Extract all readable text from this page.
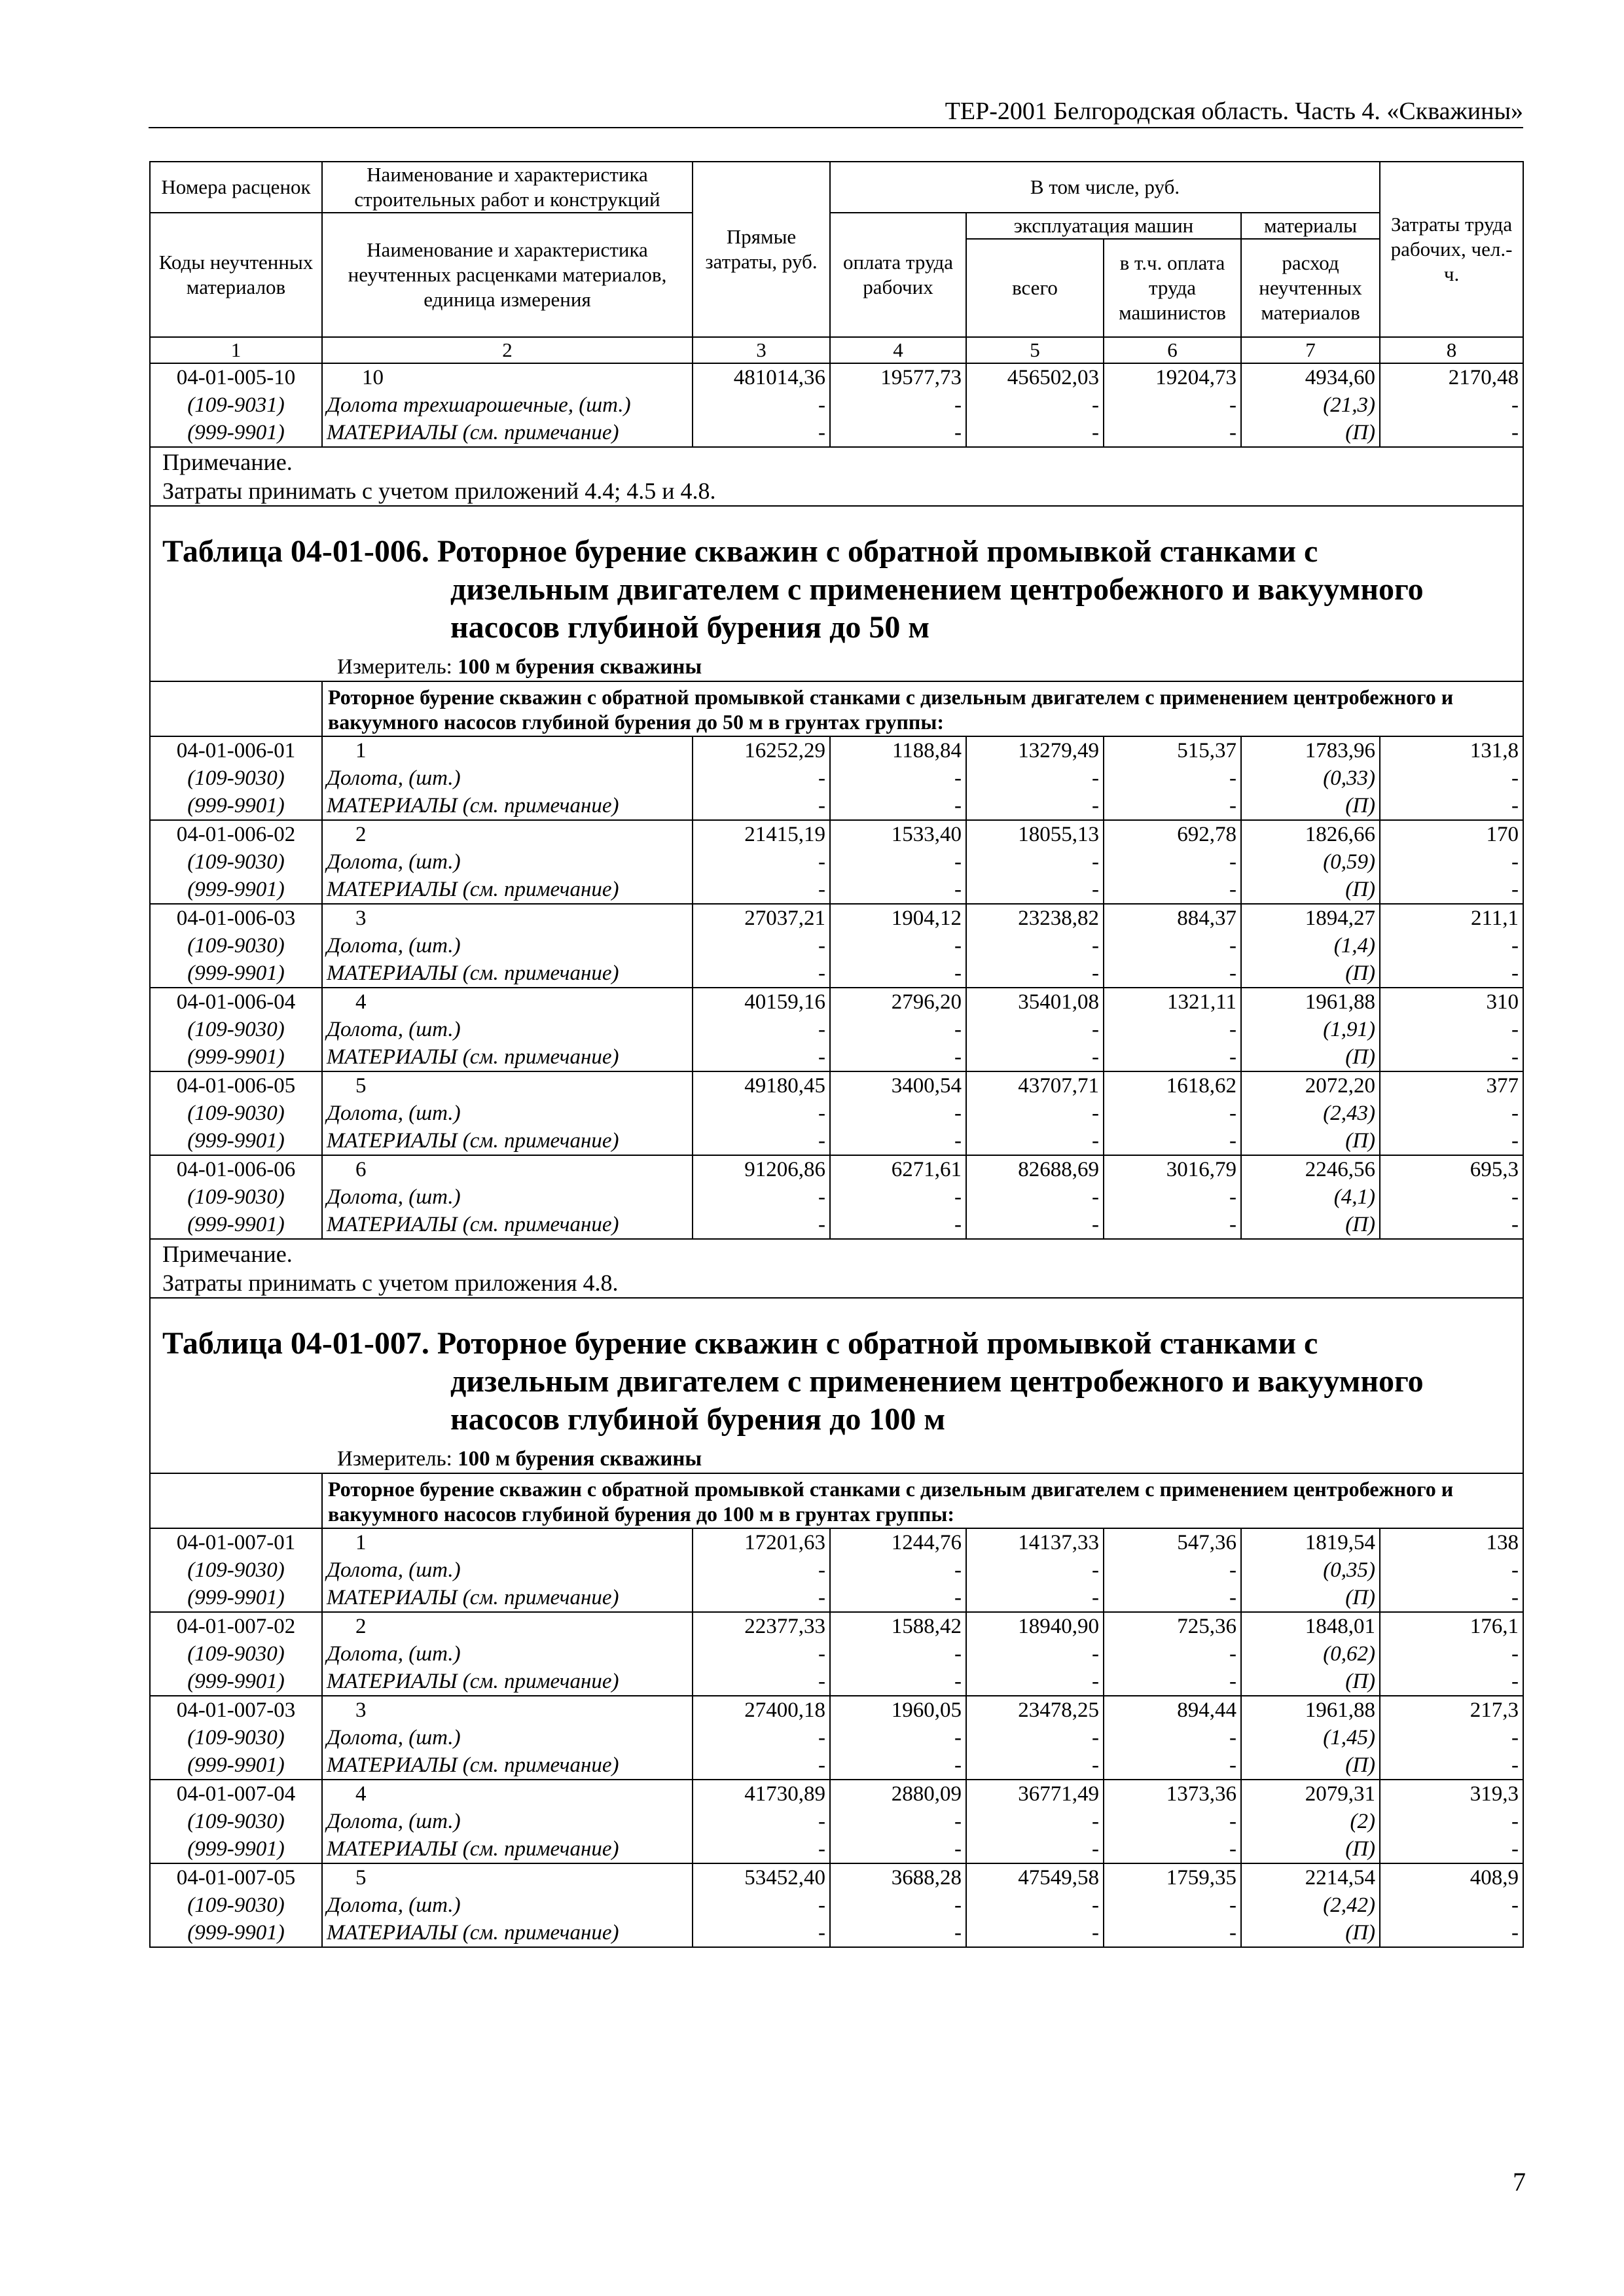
ТЕР-2001 Белгородская область. Часть 4. «Скважины»
Номера расценок	Наименование и характеристика строительных работ и конструкций	Прямые затраты, руб.	В том числе, руб.				Затраты труда рабочих, чел.-ч.
Коды неучтенных материалов	Наименование и характеристика неучтенных расценками материалов, единица измерения		оплата труда рабочих	эксплуатация машин		материалы	
				всего	в т.ч. оплата труда машинистов	расход неучтенных материалов	
1	2	3	4	5	6	7	8
04-01-005-10	10	481014,36	19577,73	456502,03	19204,73	4934,60	2170,48
(109-9031)	Долота трехшарошечные, (шт.)	-	-	-	-	(21,3)	-
(999-9901)	МАТЕРИАЛЫ (см. примечание)	-	-	-	-	(П)	-

Примечание.
Затраты принимать с учетом приложений 4.4; 4.5 и 4.8.							

Таблица 04-01-006. Роторное бурение скважин с обратной промывкой станками с
дизельным двигателем с применением центробежного и вакуумного
насосов глубиной бурения до 50 м							

Измеритель: 100 м бурения скважины							
	Роторное бурение скважин с обратной промывкой станками с дизельным двигателем с применением центробежного и вакуумного насосов глубиной бурения до 50 м в грунтах группы:						
04-01-006-01	1	16252,29	1188,84	13279,49	515,37	1783,96	131,8
(109-9030)	Долота, (шт.)	-	-	-	-	(0,33)	-
(999-9901)	МАТЕРИАЛЫ (см. примечание)	-	-	-	-	(П)	-
04-01-006-02	2	21415,19	1533,40	18055,13	692,78	1826,66	170
(109-9030)	Долота, (шт.)	-	-	-	-	(0,59)	-
(999-9901)	МАТЕРИАЛЫ (см. примечание)	-	-	-	-	(П)	-
04-01-006-03	3	27037,21	1904,12	23238,82	884,37	1894,27	211,1
(109-9030)	Долота, (шт.)	-	-	-	-	(1,4)	-
(999-9901)	МАТЕРИАЛЫ (см. примечание)	-	-	-	-	(П)	-
04-01-006-04	4	40159,16	2796,20	35401,08	1321,11	1961,88	310
(109-9030)	Долота, (шт.)	-	-	-	-	(1,91)	-
(999-9901)	МАТЕРИАЛЫ (см. примечание)	-	-	-	-	(П)	-
04-01-006-05	5	49180,45	3400,54	43707,71	1618,62	2072,20	377
(109-9030)	Долота, (шт.)	-	-	-	-	(2,43)	-
(999-9901)	МАТЕРИАЛЫ (см. примечание)	-	-	-	-	(П)	-
04-01-006-06	6	91206,86	6271,61	82688,69	3016,79	2246,56	695,3
(109-9030)	Долота, (шт.)	-	-	-	-	(4,1)	-
(999-9901)	МАТЕРИАЛЫ (см. примечание)	-	-	-	-	(П)	-

Примечание.
Затраты принимать с учетом приложения 4.8.							

Таблица 04-01-007. Роторное бурение скважин с обратной промывкой станками с
дизельным двигателем с применением центробежного и вакуумного
насосов глубиной бурения до 100 м							

Измеритель: 100 м бурения скважины							
	Роторное бурение скважин с обратной промывкой станками с дизельным двигателем с применением центробежного и вакуумного насосов глубиной бурения до 100 м в грунтах группы:						
04-01-007-01	1	17201,63	1244,76	14137,33	547,36	1819,54	138
(109-9030)	Долота, (шт.)	-	-	-	-	(0,35)	-
(999-9901)	МАТЕРИАЛЫ (см. примечание)	-	-	-	-	(П)	-
04-01-007-02	2	22377,33	1588,42	18940,90	725,36	1848,01	176,1
(109-9030)	Долота, (шт.)	-	-	-	-	(0,62)	-
(999-9901)	МАТЕРИАЛЫ (см. примечание)	-	-	-	-	(П)	-
04-01-007-03	3	27400,18	1960,05	23478,25	894,44	1961,88	217,3
(109-9030)	Долота, (шт.)	-	-	-	-	(1,45)	-
(999-9901)	МАТЕРИАЛЫ (см. примечание)	-	-	-	-	(П)	-
04-01-007-04	4	41730,89	2880,09	36771,49	1373,36	2079,31	319,3
(109-9030)	Долота, (шт.)	-	-	-	-	(2)	-
(999-9901)	МАТЕРИАЛЫ (см. примечание)	-	-	-	-	(П)	-
04-01-007-05	5	53452,40	3688,28	47549,58	1759,35	2214,54	408,9
(109-9030)	Долота, (шт.)	-	-	-	-	(2,42)	-
(999-9901)	МАТЕРИАЛЫ (см. примечание)	-	-	-	-	(П)	-
7
